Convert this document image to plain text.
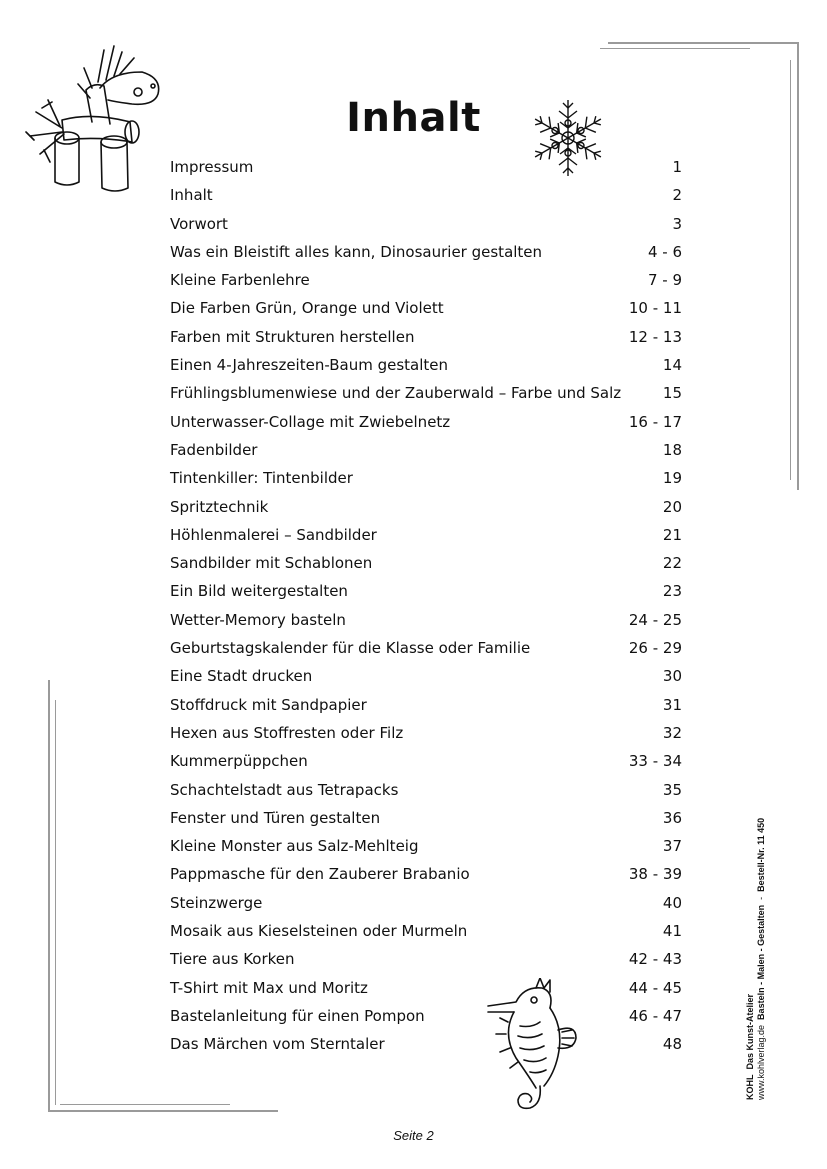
Inhalt
Impressum	1
Inhalt	2
Vorwort	3
Was ein Bleistift alles kann, Dinosaurier gestalten	4 - 6
Kleine Farbenlehre	7 - 9
Die Farben Grün, Orange und Violett	10 - 11
Farben mit Strukturen herstellen	12 - 13
Einen 4-Jahreszeiten-Baum gestalten	14
Frühlingsblumenwiese und der Zauberwald – Farbe und Salz	15
Unterwasser-Collage mit Zwiebelnetz	16 - 17
Fadenbilder	18
Tintenkiller: Tintenbilder	19
Spritztechnik	20
Höhlenmalerei – Sandbilder	21
Sandbilder mit Schablonen	22
Ein Bild weitergestalten	23
Wetter-Memory basteln	24 - 25
Geburtstagskalender für die Klasse oder Familie	26 - 29
Eine Stadt drucken	30
Stoffdruck mit Sandpapier	31
Hexen aus Stoffresten oder Filz	32
Kummerpüppchen	33 - 34
Schachtelstadt aus Tetrapacks	35
Fenster und Türen gestalten	36
Kleine Monster aus Salz-Mehlteig	37
Pappmasche für den Zauberer Brabanio	38 - 39
Steinzwerge	40
Mosaik aus Kieselsteinen oder Murmeln	41
Tiere aus Korken	42 - 43
T-Shirt mit Max und Moritz	44 - 45
Bastelanleitung für einen Pompon	46 - 47
Das Märchen vom Sterntaler	48
Seite 2
KOHL  Das Kunst-Atelier www.kohlverlag.de  Basteln - Malen - Gestalten  -  Bestell-Nr. 11 450
